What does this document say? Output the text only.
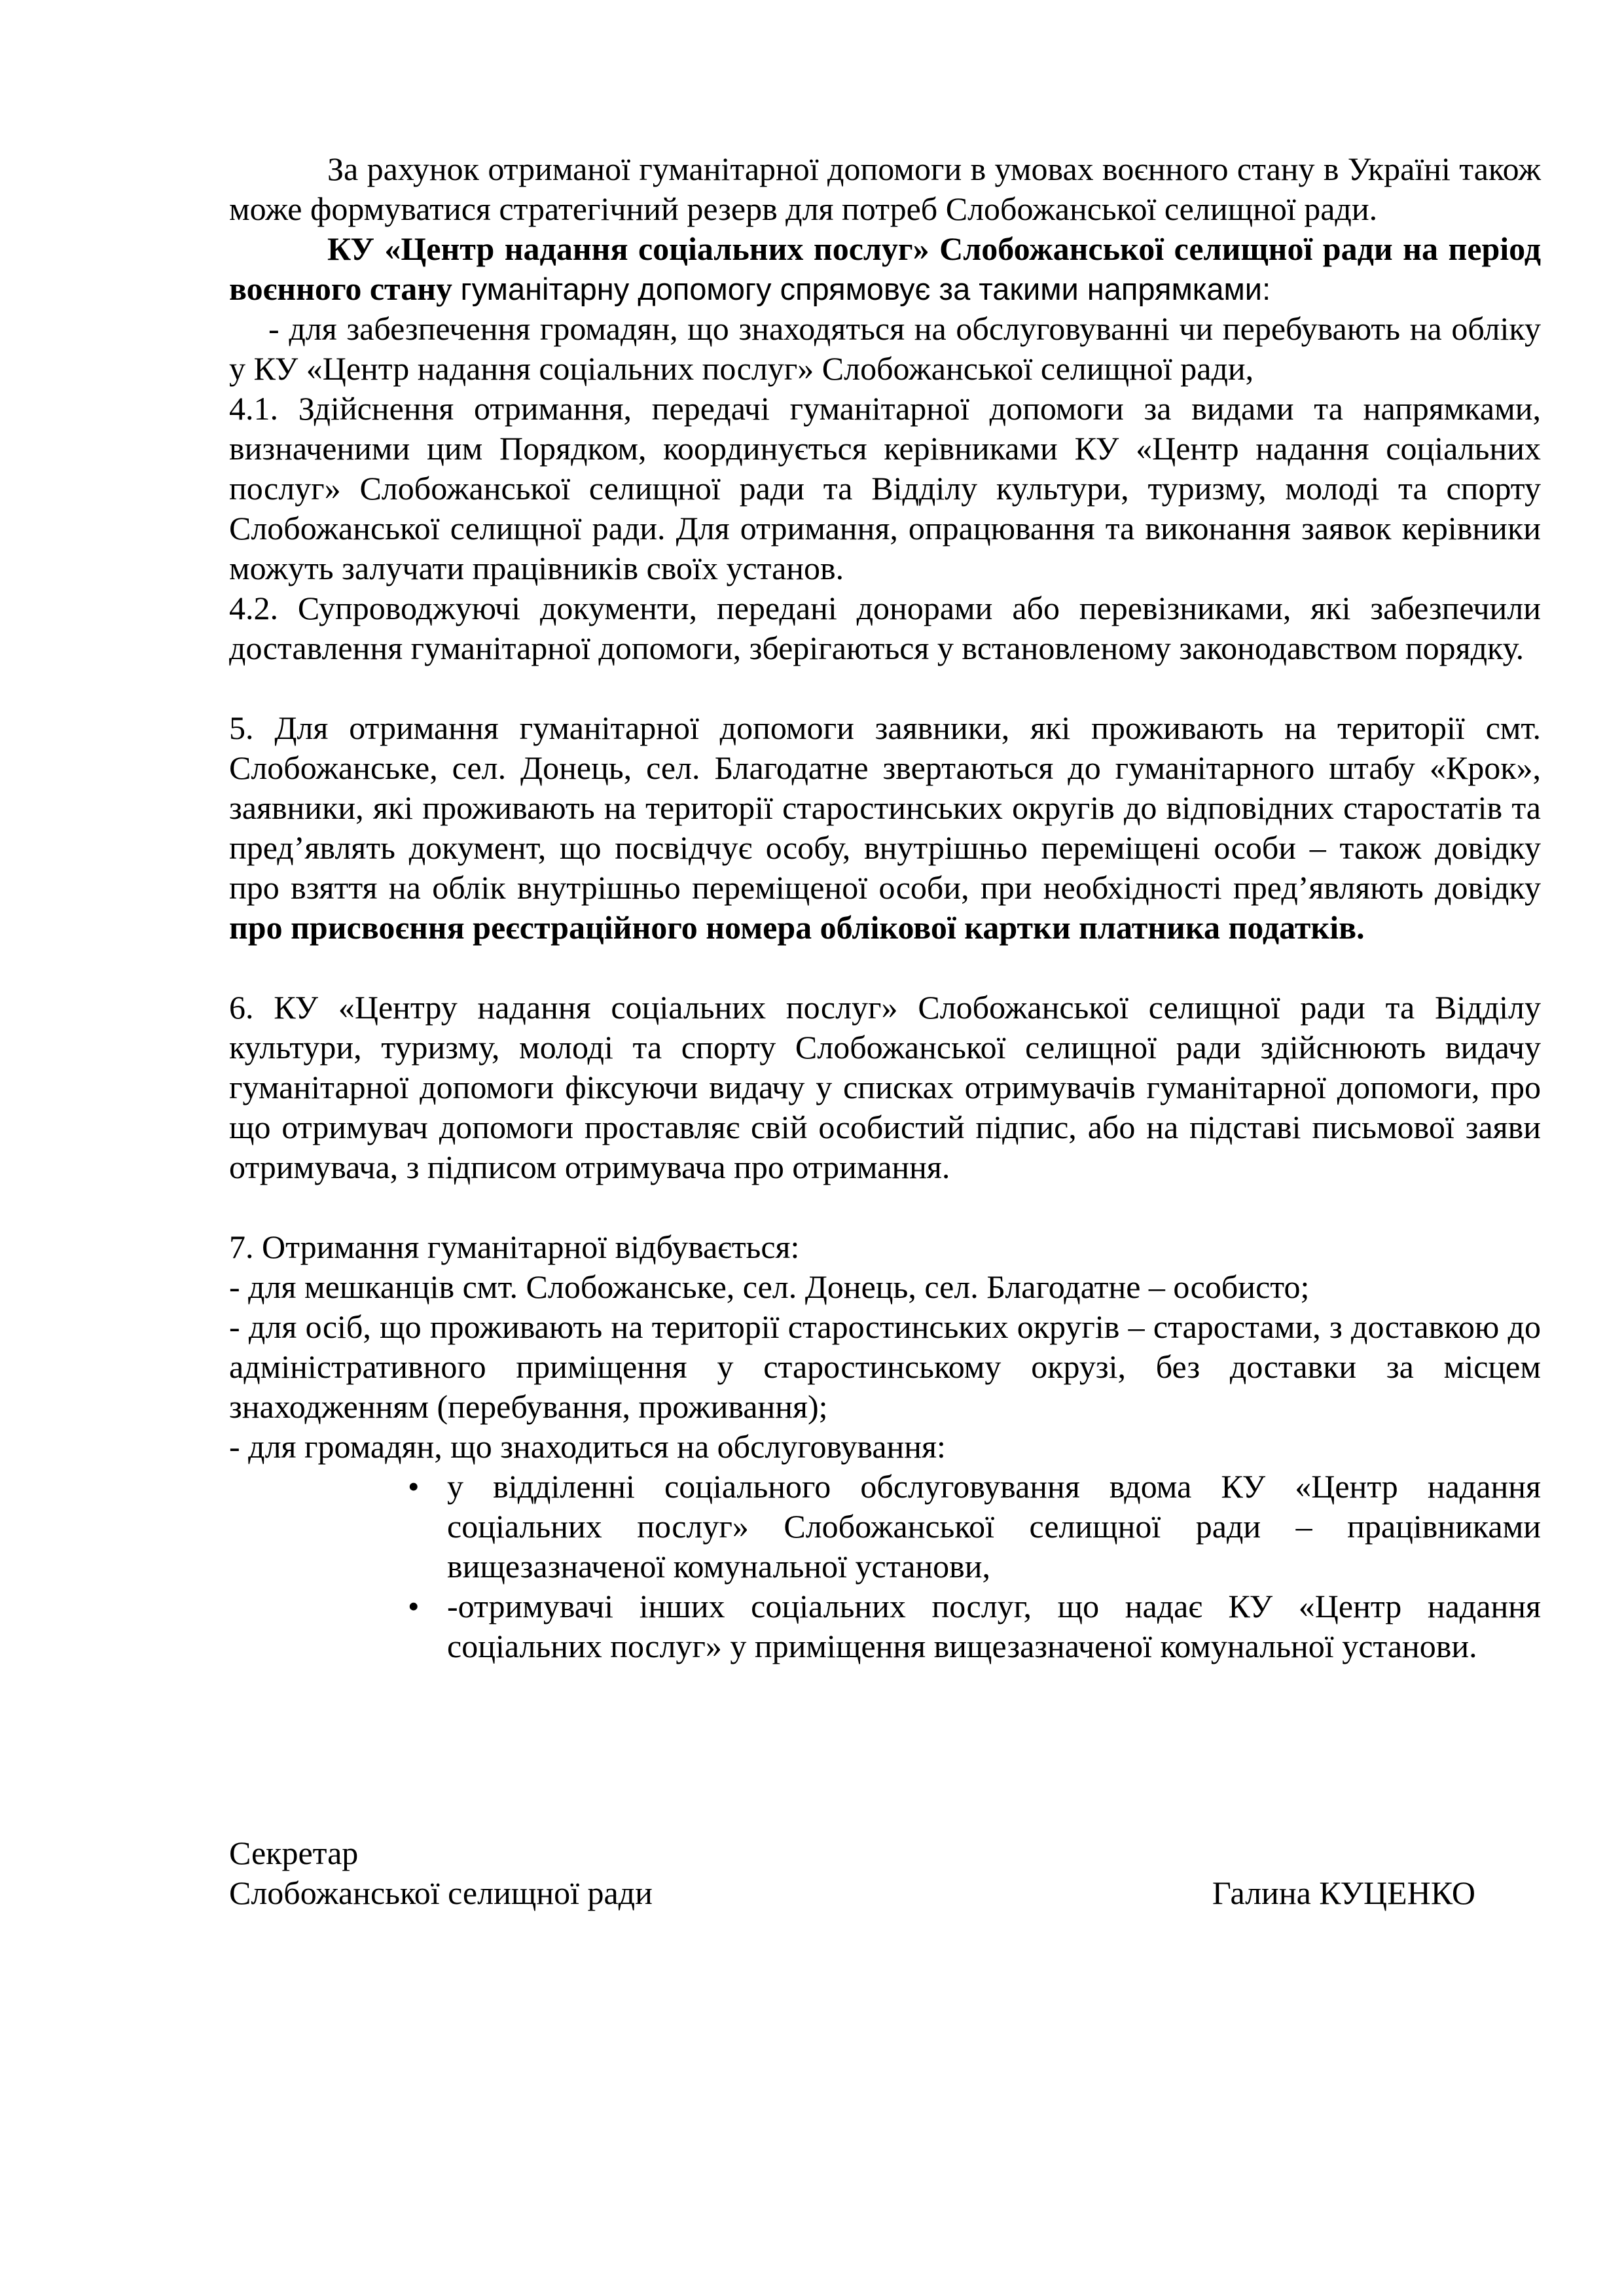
За рахунок отриманої гуманітарної допомоги в умовах воєнного стану в Україні також може формуватися стратегічний резерв для потреб Слобожанської селищної ради.

КУ «Центр надання соціальних послуг» Слобожанської селищної ради на період воєнного стану гуманітарну допомогу спрямовує за такими напрямками:

- для забезпечення громадян, що знаходяться на обслуговуванні чи перебувають на обліку у КУ «Центр надання соціальних послуг» Слобожанської селищної ради,

4.1. Здійснення отримання, передачі гуманітарної допомоги за видами та напрямками, визначеними цим Порядком, координується керівниками КУ «Центр надання соціальних послуг» Слобожанської селищної ради та Відділу культури, туризму, молоді та спорту Слобожанської селищної ради. Для отримання, опрацювання та виконання заявок керівники можуть залучати працівників своїх установ.

4.2. Супроводжуючі документи, передані донорами або перевізниками, які забезпечили доставлення гуманітарної допомоги, зберігаються у встановленому законодавством порядку.

5. Для отримання гуманітарної допомоги заявники, які проживають на території смт. Слобожанське, сел. Донець, сел. Благодатне звертаються до гуманітарного штабу «Крок», заявники, які проживають на території старостинських округів до відповідних старостатів та пред’являть документ, що посвідчує особу, внутрішньо переміщені особи – також довідку про взяття на облік внутрішньо переміщеної особи, при необхідності пред’являють довідку про присвоєння реєстраційного номера облікової картки платника податків.

6. КУ «Центру надання соціальних послуг» Слобожанської селищної ради та Відділу культури, туризму, молоді та спорту Слобожанської селищної ради здійснюють видачу гуманітарної допомоги фіксуючи видачу у списках отримувачів гуманітарної допомоги, про що отримувач допомоги проставляє свій особистий підпис, або на підставі письмової заяви отримувача, з підписом отримувача про отримання.

7. Отримання гуманітарної відбувається:

- для мешканців смт. Слобожанське, сел. Донець, сел. Благодатне – особисто;

- для осіб, що проживають на території старостинських округів – старостами, з доставкою до адміністративного приміщення у старостинському окрузі, без доставки за місцем знаходженням (перебування, проживання);

- для громадян, що знаходиться на обслуговування:

• у відділенні соціального обслуговування вдома КУ «Центр надання соціальних послуг» Слобожанської селищної ради – працівниками вищезазначеної комунальної установи,
• -отримувачі інших соціальних послуг, що надає КУ «Центр надання соціальних послуг» у приміщення вищезазначеної комунальної установи.
Секретар
Слобожанської селищної ради	Галина КУЦЕНКО
